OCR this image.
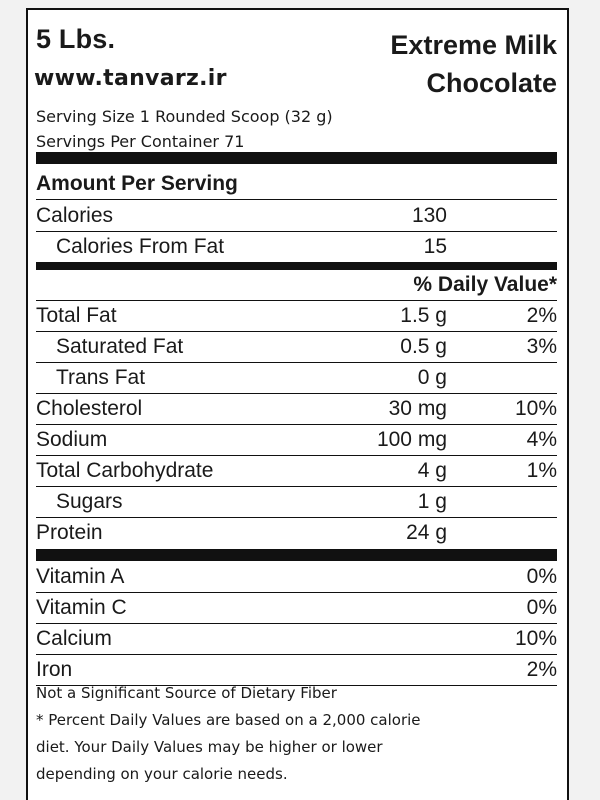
5 Lbs.
www.tanvarz.ir
Extreme Milk
Chocolate
Serving Size 1 Rounded Scoop (32 g)
Servings Per Container 71
Amount Per Serving
Calories	130
Calories From Fat	15
% Daily Value*
Total Fat	1.5 g	2%
Saturated Fat	0.5 g	3%
Trans Fat	0 g
Cholesterol	30 mg	10%
Sodium	100 mg	4%
Total Carbohydrate	4 g	1%
Sugars	1 g
Protein	24 g
Vitamin A	0%
Vitamin C	0%
Calcium	10%
Iron	2%
Not a Significant Source of Dietary Fiber
* Percent Daily Values are based on a 2,000 calorie
diet. Your Daily Values may be higher or lower
depending on your calorie needs.
